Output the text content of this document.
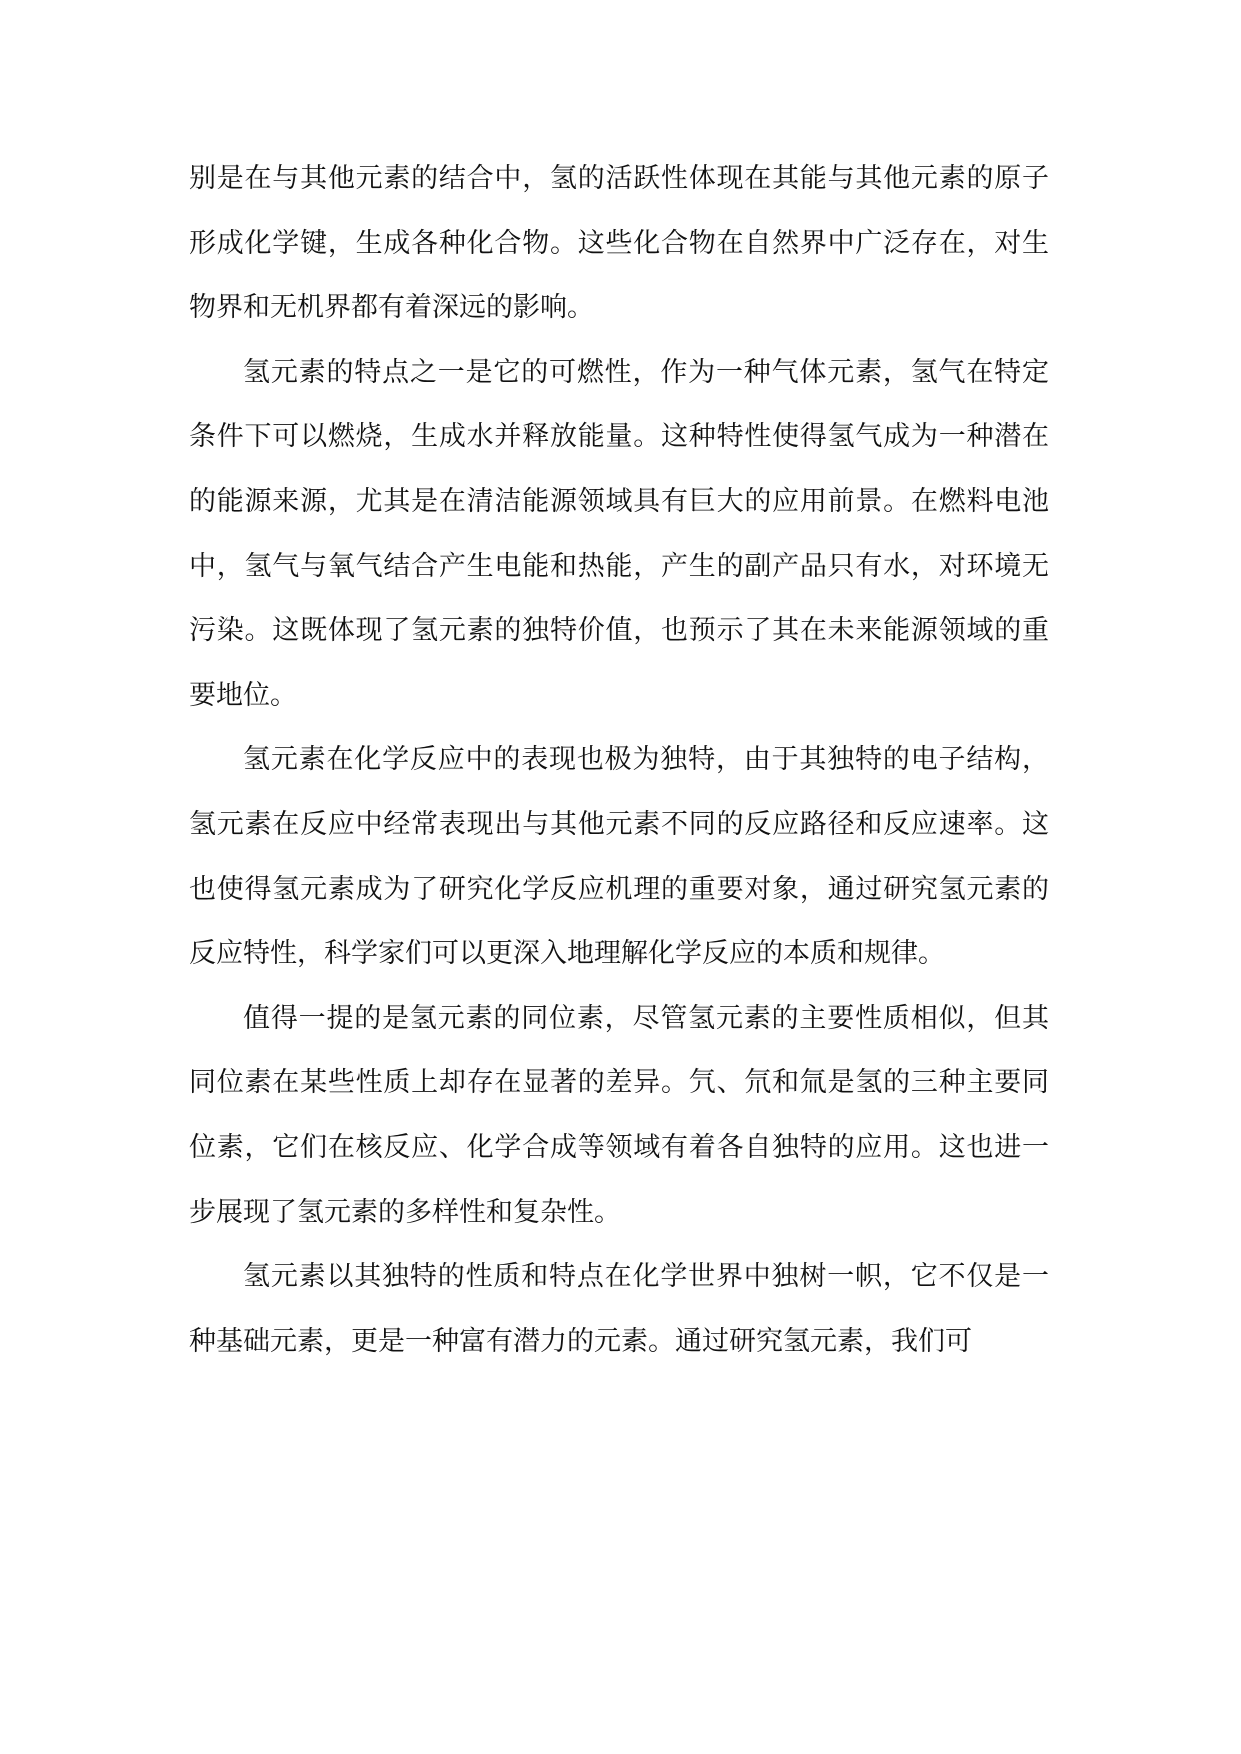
别是在与其他元素的结合中，氢的活跃性体现在其能与其他元素的原子形成化学键，生成各种化合物。这些化合物在自然界中广泛存在，对生物界和无机界都有着深远的影响。

氢元素的特点之一是它的可燃性，作为一种气体元素，氢气在特定条件下可以燃烧，生成水并释放能量。这种特性使得氢气成为一种潜在的能源来源，尤其是在清洁能源领域具有巨大的应用前景。在燃料电池中，氢气与氧气结合产生电能和热能，产生的副产品只有水，对环境无污染。这既体现了氢元素的独特价值，也预示了其在未来能源领域的重要地位。

氢元素在化学反应中的表现也极为独特，由于其独特的电子结构，氢元素在反应中经常表现出与其他元素不同的反应路径和反应速率。这也使得氢元素成为了研究化学反应机理的重要对象，通过研究氢元素的反应特性，科学家们可以更深入地理解化学反应的本质和规律。

值得一提的是氢元素的同位素，尽管氢元素的主要性质相似，但其同位素在某些性质上却存在显著的差异。氕、氘和氚是氢的三种主要同位素，它们在核反应、化学合成等领域有着各自独特的应用。这也进一步展现了氢元素的多样性和复杂性。

氢元素以其独特的性质和特点在化学世界中独树一帜，它不仅是一种基础元素，更是一种富有潜力的元素。通过研究氢元素，我们可
